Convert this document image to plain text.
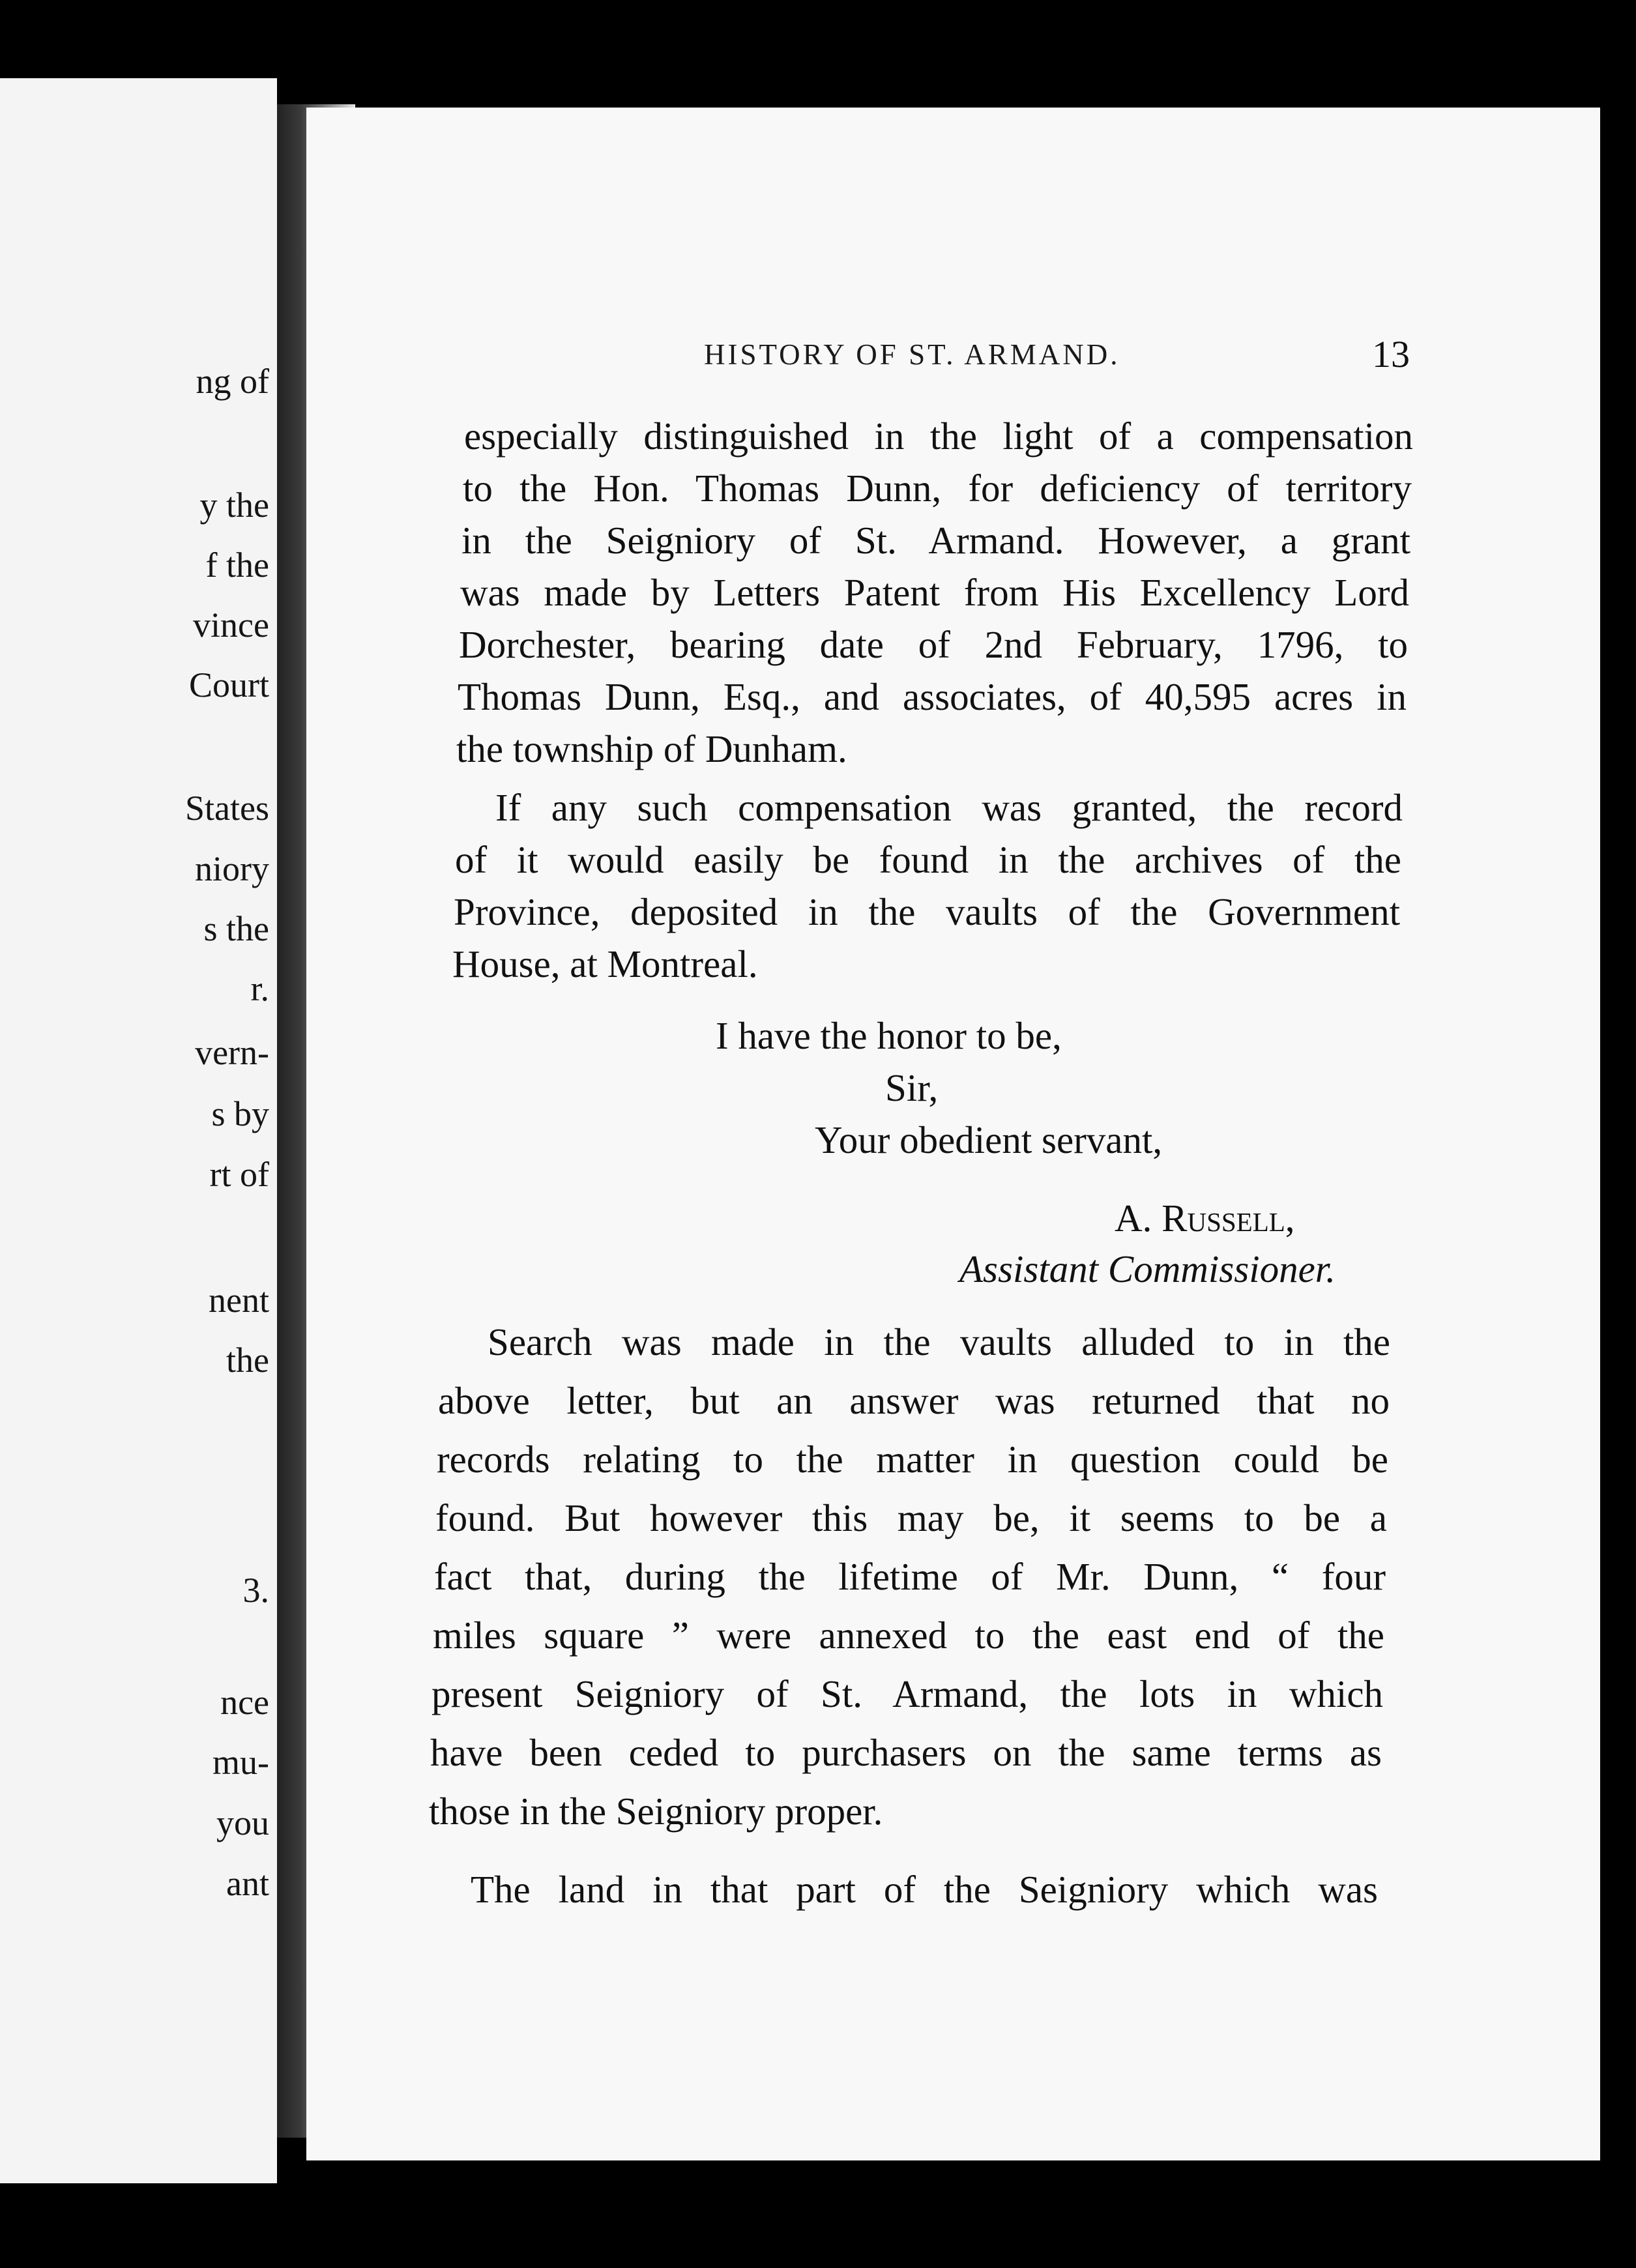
ng of
y the
f the
vince
Court
States
niory
s the
r.
vern-
s by
rt of
nent
the
3.
nce
mu-
you
ant
HISTORY OF ST. ARMAND.	13
especially distinguished in the light of a compensation
to the Hon. Thomas Dunn, for deficiency of territory
in the Seigniory of St. Armand. However, a grant
was made by Letters Patent from His Excellency Lord
Dorchester, bearing date of 2nd February, 1796, to
Thomas Dunn, Esq., and associates, of 40,595 acres in
the township of Dunham.
If any such compensation was granted, the record
of it would easily be found in the archives of the
Province, deposited in the vaults of the Government
House, at Montreal.
I have the honor to be,
Sir,
Your obedient servant,
A. Russell,
Assistant Commissioner.
Search was made in the vaults alluded to in the
above letter, but an answer was returned that no
records relating to the matter in question could be
found. But however this may be, it seems to be a
fact that, during the lifetime of Mr. Dunn, “ four
miles square ” were annexed to the east end of the
present Seigniory of St. Armand, the lots in which
have been ceded to purchasers on the same terms as
those in the Seigniory proper.
The land in that part of the Seigniory which was
